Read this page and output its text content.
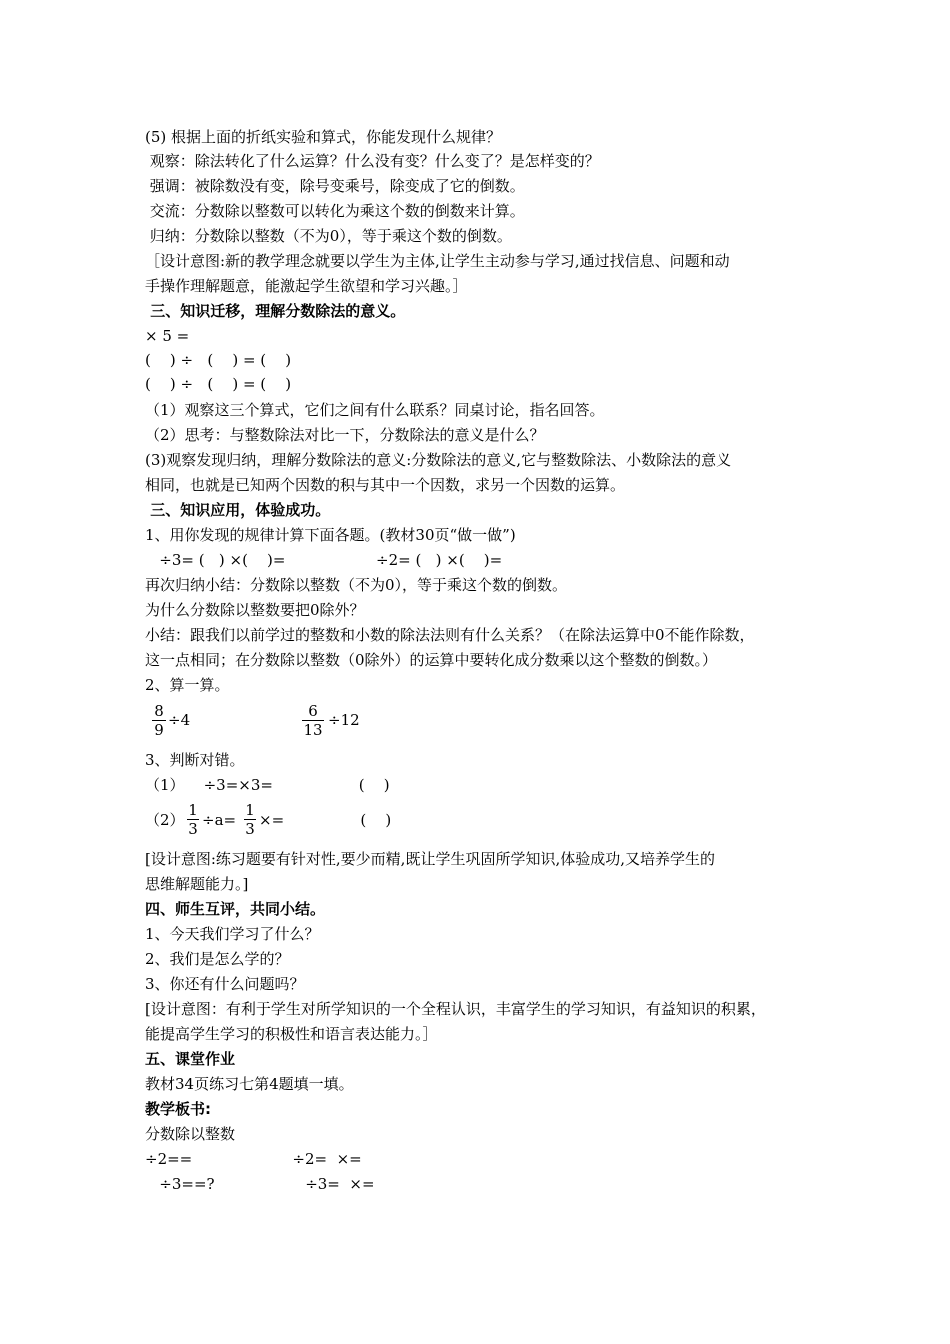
(5) 根据上面的折纸实验和算式，你能发现什么规律？
观察：除法转化了什么运算？什么没有变？什么变了？是怎样变的？
强调：被除数没有变，除号变乘号，除变成了它的倒数。
交流：分数除以整数可以转化为乘这个数的倒数来计算。
归纳：分数除以整数（不为0），等于乘这个数的倒数。
［设计意图:新的教学理念就要以学生为主体,让学生主动参与学习,通过找信息、问题和动
手操作理解题意，能激起学生欲望和学习兴趣。］
三、知识迁移，理解分数除法的意义。
× 5 =
(    ) ÷   (    ) = (    )
(    ) ÷   (    ) = (    )
（1）观察这三个算式，它们之间有什么联系？同桌讨论，指名回答。
（2）思考：与整数除法对比一下，分数除法的意义是什么？
(3)观察发现归纳，理解分数除法的意义:分数除法的意义,它与整数除法、小数除法的意义
相同，也就是已知两个因数的积与其中一个因数，求另一个因数的运算。
三、知识应用，体验成功。
1、用你发现的规律计算下面各题。(教材30页“做一做”)
÷3= (   ) ×(    )=                   ÷2= (   ) ×(    )=
再次归纳小结：分数除以整数（不为0），等于乘这个数的倒数。
为什么分数除以整数要把0除外？
小结：跟我们以前学过的整数和小数的除法法则有什么关系？（在除法运算中0不能作除数，
这一点相同；在分数除以整数（0除外）的运算中要转化成分数乘以这个整数的倒数。）
2、算一算。
8
9
÷4	6
13
÷12
3、判断对错。
（1）    ÷3=×3=                  (    )
（2）
1
3 ÷a=
1
3 ×=                (    )
[设计意图:练习题要有针对性,要少而精,既让学生巩固所学知识,体验成功,又培养学生的
思维解题能力。]
四、师生互评，共同小结。
1、今天我们学习了什么？
2、我们是怎么学的？
3、你还有什么问题吗？
[设计意图：有利于学生对所学知识的一个全程认识，丰富学生的学习知识，有益知识的积累，
能提高学生学习的积极性和语言表达能力。］
五、课堂作业
教材34页练习七第4题填一填。
教学板书:
分数除以整数
÷2==                     ÷2=  ×=
÷3==?                   ÷3=  ×=
